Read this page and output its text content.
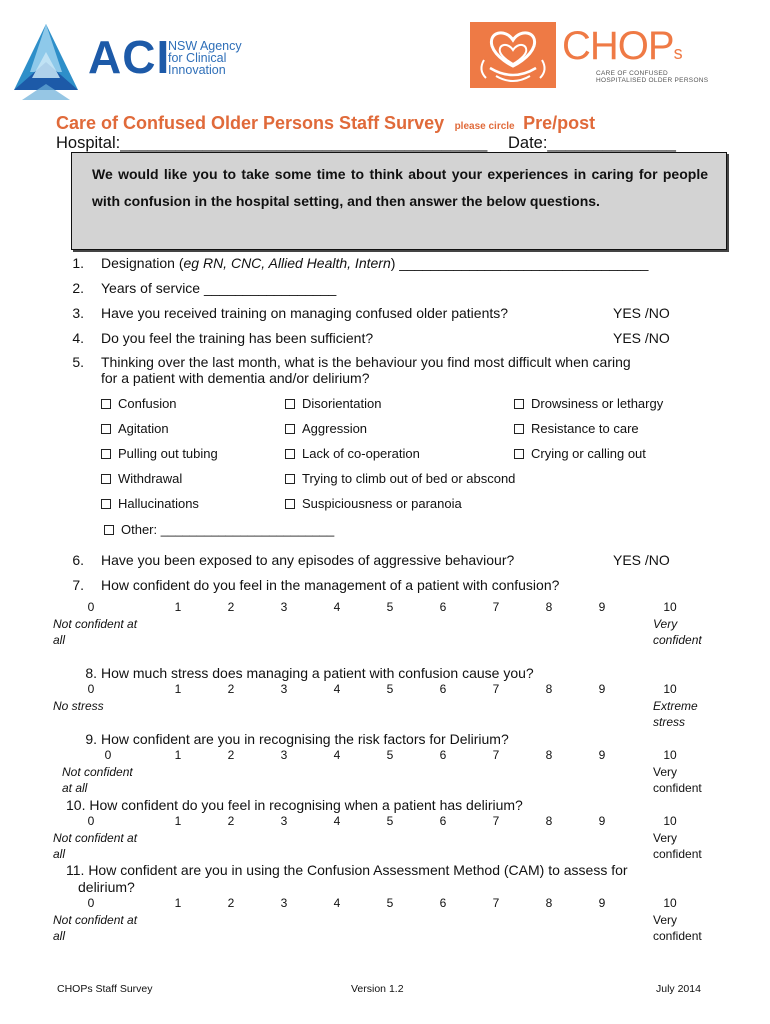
ACI
NSW Agency
for Clinical
Innovation
CHOPs
CARE OF CONFUSED
HOSPITALISED OLDER PERSONS
Care of Confused Older Persons Staff Survey please circle Pre/post
Hospital:________________________________________ Date:______________
We would like you to take some time to think about your experiences in caring for people with confusion in the hospital setting, and then answer the below questions.
1. Designation (eg RN, CNC, Allied Health, Intern) ________________________________
2. Years of service _________________
3. Have you received training on managing confused older patients?	YES /NO
4. Do you feel the training has been sufficient?	YES /NO
5. Thinking over the last month, what is the behaviour you find most difficult when caring
for a patient with dementia and/or delirium?
Confusion	Disorientation	Drowsiness or lethargy
Agitation	Aggression	Resistance to care
Pulling out tubing	Lack of co-operation	Crying or calling out
Withdrawal	Trying to climb out of bed or abscond
Hallucinations	Suspiciousness or paranoia
Other: ________________________
6. Have you been exposed to any episodes of aggressive behaviour?	YES /NO
7. How confident do you feel in the management of a patient with confusion?
0	1	2	3	4	5	6	7	8	9	10
Not confident at
all
Very
confident
8. How much stress does managing a patient with confusion cause you?
0	1	2	3	4	5	6	7	8	9	10
No stress	Extreme
stress
9. How confident are you in recognising the risk factors for Delirium?
0	1	2	3	4	5	6	7	8	9	10
Not confident
at all
Very
confident
10. How confident do you feel in recognising when a patient has delirium?
0	1	2	3	4	5	6	7	8	9	10
Not confident at
all
Very
confident
11. How confident are you in using the Confusion Assessment Method (CAM) to assess for
delirium?
0	1	2	3	4	5	6	7	8	9	10
Not confident at
all
Very
confident
CHOPs Staff Survey	Version 1.2	July 2014
